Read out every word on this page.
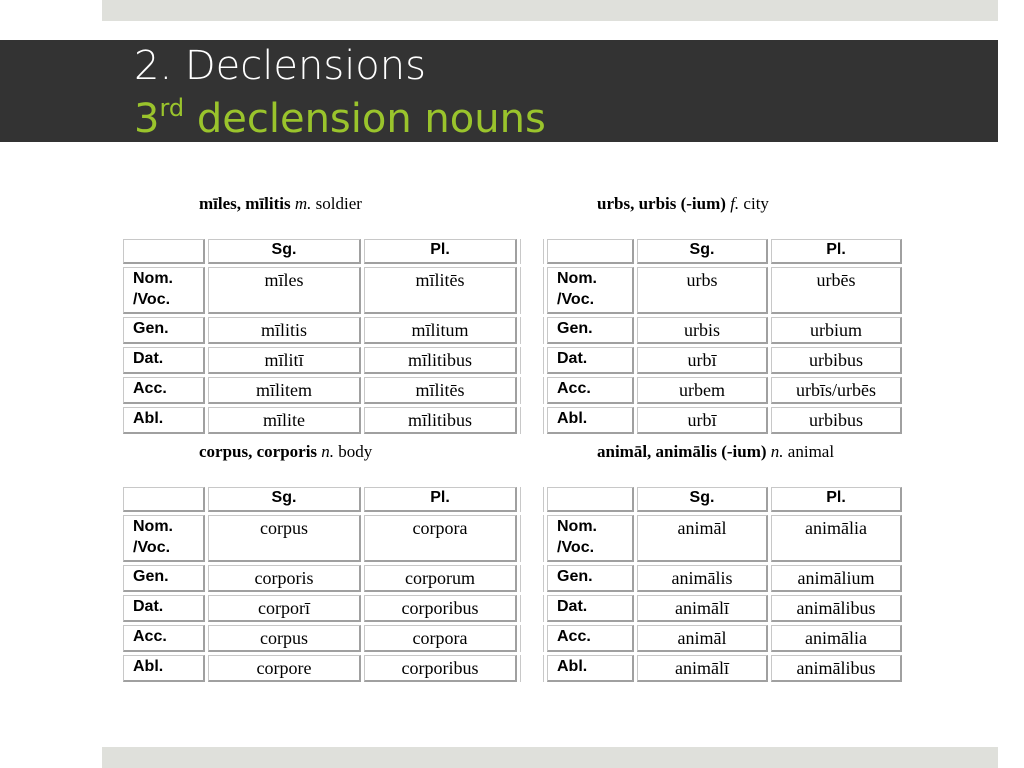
2. Declensions
3rd declension nouns
mīles, mīlitis m. soldier	urbs, urbis (-ium) f. city
corpus, corporis n. body	animāl, animālis (-ium) n. animal
	Sg.	Pl.			Sg.	Pl.
Nom. /Voc.	mīles	mīlitēs		Nom. /Voc.	urbs	urbēs
Gen.	mīlitis	mīlitum		Gen.	urbis	urbium
Dat.	mīlitī	mīlitibus		Dat.	urbī	urbibus
Acc.	mīlitem	mīlitēs		Acc.	urbem	urbīs/urbēs
Abl.	mīlite	mīlitibus		Abl.	urbī	urbibus
	Sg.	Pl.			Sg.	Pl.
Nom. /Voc.	corpus	corpora		Nom. /Voc.	animāl	animālia
Gen.	corporis	corporum		Gen.	animālis	animālium
Dat.	corporī	corporibus		Dat.	animālī	animālibus
Acc.	corpus	corpora		Acc.	animāl	animālia
Abl.	corpore	corporibus		Abl.	animālī	animālibus
